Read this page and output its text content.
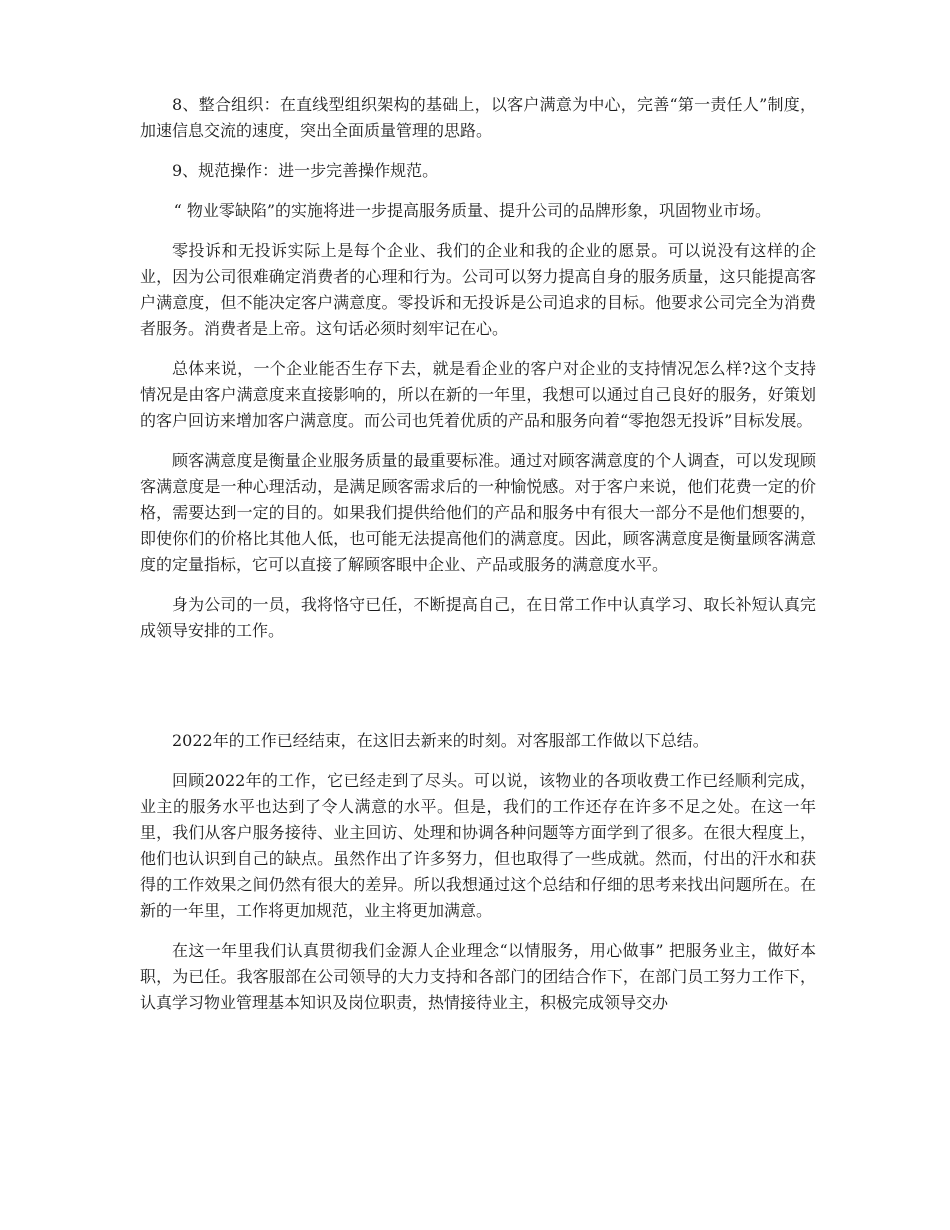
8、整合组织：在直线型组织架构的基础上，以客户满意为中心，完善“第一责任人”制度，加速信息交流的速度，突出全面质量管理的思路。

9、规范操作：进一步完善操作规范。

“ 物业零缺陷”的实施将进一步提高服务质量、提升公司的品牌形象，巩固物业市场。

零投诉和无投诉实际上是每个企业、我们的企业和我的企业的愿景。可以说没有这样的企业，因为公司很难确定消费者的心理和行为。公司可以努力提高自身的服务质量，这只能提高客户满意度，但不能决定客户满意度。零投诉和无投诉是公司追求的目标。他要求公司完全为消费者服务。消费者是上帝。这句话必须时刻牢记在心。

总体来说，一个企业能否生存下去，就是看企业的客户对企业的支持情况怎么样?这个支持情况是由客户满意度来直接影响的，所以在新的一年里，我想可以通过自己良好的服务，好策划的客户回访来增加客户满意度。而公司也凭着优质的产品和服务向着“零抱怨无投诉”目标发展。

顾客满意度是衡量企业服务质量的最重要标准。通过对顾客满意度的个人调查，可以发现顾客满意度是一种心理活动，是满足顾客需求后的一种愉悦感。对于客户来说，他们花费一定的价格，需要达到一定的目的。如果我们提供给他们的产品和服务中有很大一部分不是他们想要的，即使你们的价格比其他人低，也可能无法提高他们的满意度。因此，顾客满意度是衡量顾客满意度的定量指标，它可以直接了解顾客眼中企业、产品或服务的满意度水平。

身为公司的一员，我将恪守已任，不断提高自己，在日常工作中认真学习、取长补短认真完成领导安排的工作。

2022年的工作已经结束，在这旧去新来的时刻。对客服部工作做以下总结。

回顾2022年的工作，它已经走到了尽头。可以说，该物业的各项收费工作已经顺利完成，业主的服务水平也达到了令人满意的水平。但是，我们的工作还存在许多不足之处。在这一年里，我们从客户服务接待、业主回访、处理和协调各种问题等方面学到了很多。在很大程度上，他们也认识到自己的缺点。虽然作出了许多努力，但也取得了一些成就。然而，付出的汗水和获得的工作效果之间仍然有很大的差异。所以我想通过这个总结和仔细的思考来找出问题所在。在新的一年里，工作将更加规范，业主将更加满意。

在这一年里我们认真贯彻我们金源人企业理念“以情服务，用心做事” 把服务业主，做好本职，为已任。我客服部在公司领导的大力支持和各部门的团结合作下，在部门员工努力工作下，认真学习物业管理基本知识及岗位职责，热情接待业主，积极完成领导交办
